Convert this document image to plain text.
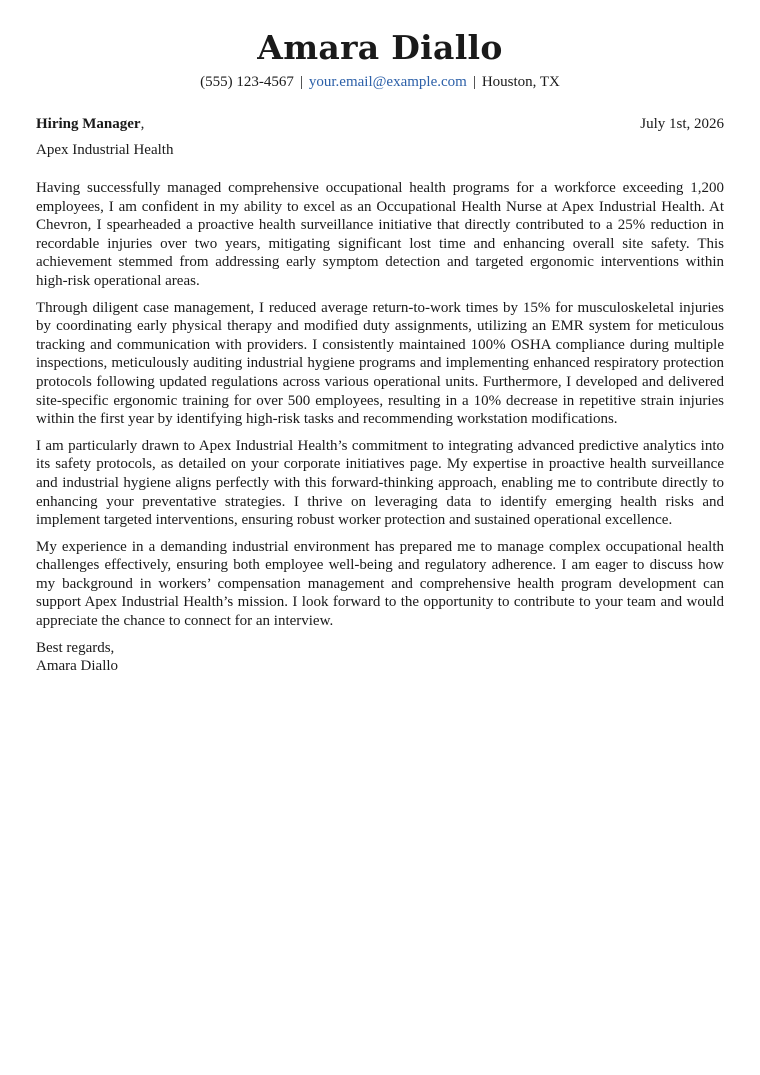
Amara Diallo
(555) 123-4567 | your.email@example.com | Houston, TX
Hiring Manager,	July 1st, 2026
Apex Industrial Health

Having successfully managed comprehensive occupational health programs for a workforce exceeding 1,200 employees, I am confident in my ability to excel as an Occupational Health Nurse at Apex Industrial Health. At Chevron, I spearheaded a proactive health surveillance initiative that directly contributed to a 25% reduction in recordable injuries over two years, mitigating significant lost time and enhancing overall site safety. This achievement stemmed from addressing early symptom detection and targeted ergonomic interventions within high-risk operational areas.

Through diligent case management, I reduced average return-to-work times by 15% for musculoskeletal injuries by coordinating early physical therapy and modified duty assignments, utilizing an EMR system for meticulous tracking and communication with providers. I consistently maintained 100% OSHA compliance during multiple inspections, meticulously auditing industrial hygiene programs and implementing enhanced respiratory protection protocols following updated regulations across various operational units. Furthermore, I developed and delivered site-specific ergonomic training for over 500 employees, resulting in a 10% decrease in repetitive strain injuries within the first year by identifying high-risk tasks and recommending workstation modifications.

I am particularly drawn to Apex Industrial Health’s commitment to integrating advanced predictive analytics into its safety protocols, as detailed on your corporate initiatives page. My expertise in proactive health surveillance and industrial hygiene aligns perfectly with this forward-thinking approach, enabling me to contribute directly to enhancing your preventative strategies. I thrive on leveraging data to identify emerging health risks and implement targeted interventions, ensuring robust worker protection and sustained operational excellence.

My experience in a demanding industrial environment has prepared me to manage complex occupational health challenges effectively, ensuring both employee well-being and regulatory adherence. I am eager to discuss how my background in workers’ compensation management and comprehensive health program development can support Apex Industrial Health’s mission. I look forward to the opportunity to contribute to your team and would appreciate the chance to connect for an interview.

Best regards,
Amara Diallo
